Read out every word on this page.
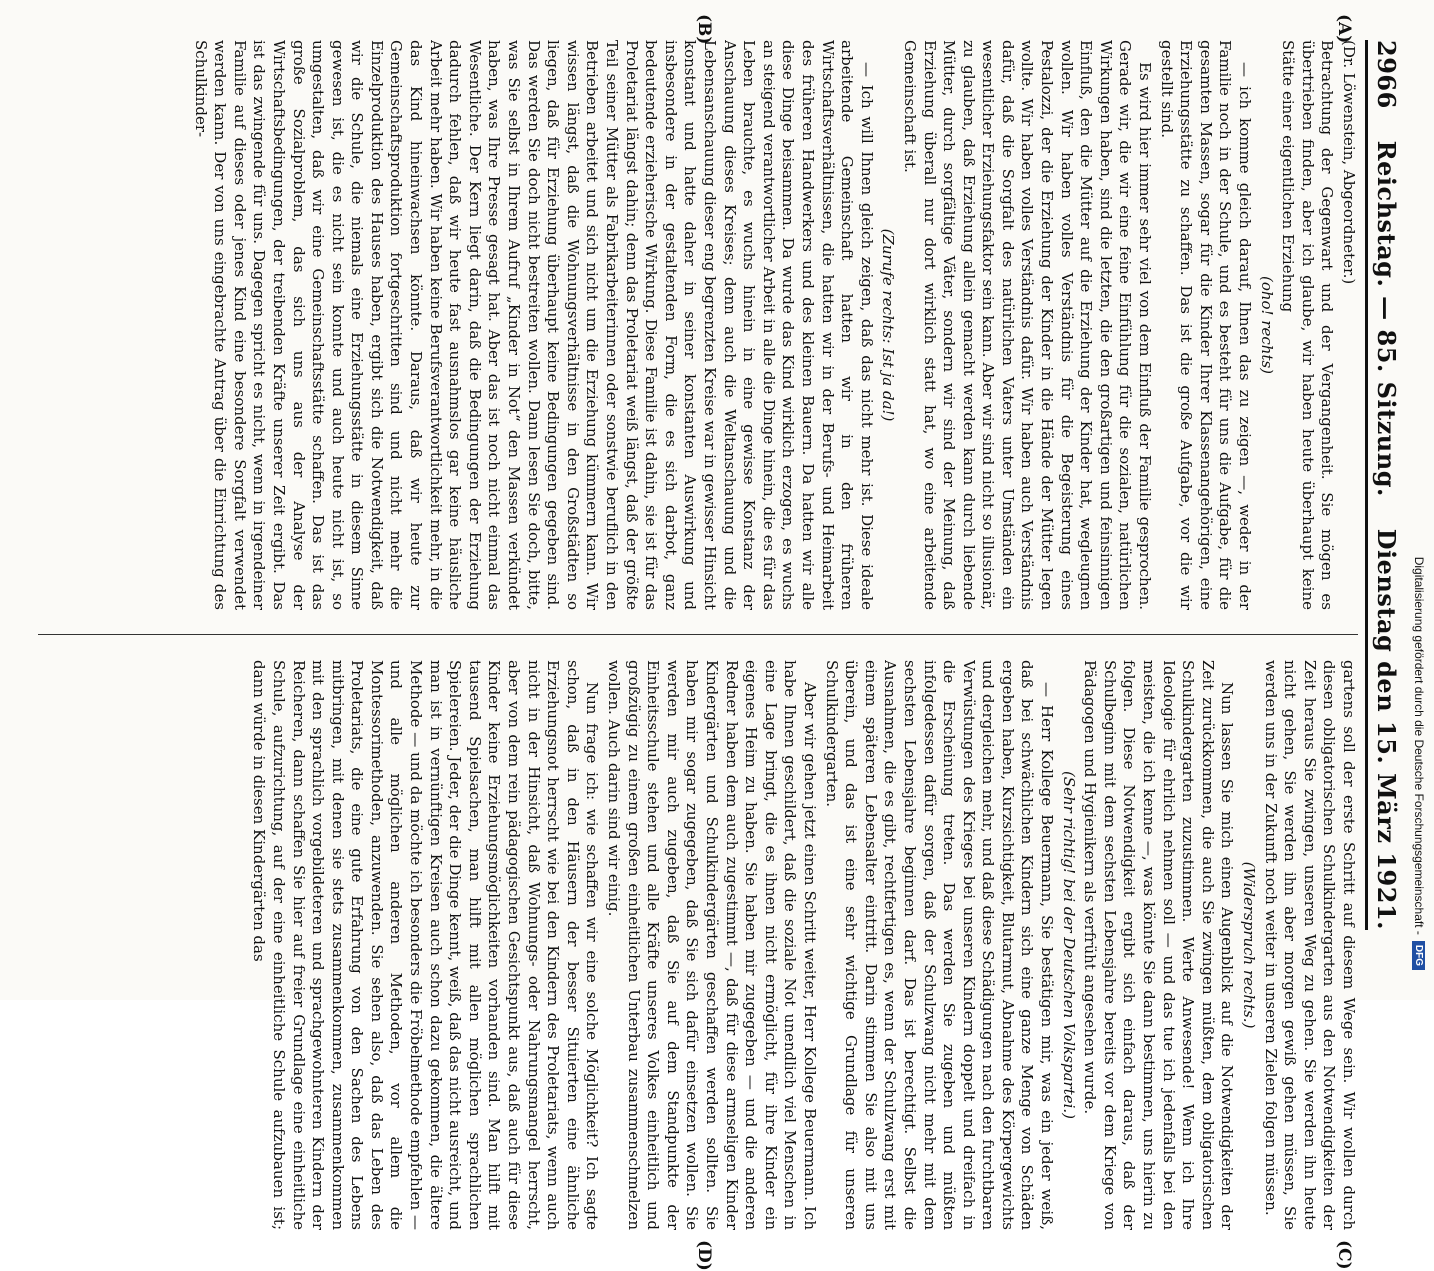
Digitalisierung gefördert durch die Deutsche Forschungsgemeinschaft -
DFG
2966
Reichstag. — 85. Sitzung.
Dienstag den 15. März 1921.
(A)
(B)
(C)
(D)

(Dr. Löwenstein, Abgeordneter.)

Betrachtung der Gegenwart und der Vergangenheit. Sie mögen es übertrieben finden, aber ich glaube, wir haben heute überhaupt keine Stätte einer eigentlichen Erziehung

(oho! rechts)

— ich komme gleich darauf, Ihnen das zu zeigen —, weder in der Familie noch in der Schule, und es besteht für uns die Aufgabe, für die gesamten Massen, sogar für die Kinder Ihrer Klassenangehörigen, eine Erziehungsstätte zu schaffen. Das ist die große Aufgabe, vor die wir gestellt sind.

Es wird hier immer sehr viel von dem Einfluß der Familie gesprochen. Gerade wir, die wir eine feine Einfühlung für die sozialen, natürlichen Wirkungen haben, sind die letzten, die den großartigen und feinsinnigen Einfluß, den die Mütter auf die Erziehung der Kinder hat, wegleugnen wollen. Wir haben volles Verständnis für die Begeisterung eines Pestalozzi, der die Erziehung der Kinder in die Hände der Mütter legen wollte. Wir haben volles Verständnis dafür. Wir haben auch Verständnis dafür, daß die Sorgfalt des natürlichen Vaters unter Umständen ein wesentlicher Erziehungsfaktor sein kann. Aber wir sind nicht so illusionär, zu glauben, daß Erziehung allein gemacht werden kann durch liebende Mütter, durch sorgfältige Väter, sondern wir sind der Meinung, daß Erziehung überall nur dort wirklich statt hat, wo eine arbeitende Gemeinschaft ist.

(Zurufe rechts: Ist ja da!)

— Ich will Ihnen gleich zeigen, daß das nicht mehr ist. Diese ideale arbeitende Gemeinschaft hatten wir in den früheren Wirtschaftsverhältnissen, die hatten wir in der Berufs- und Heimarbeit des früheren Handwerkers und des kleinen Bauern. Da hatten wir alle diese Dinge beisammen. Da wurde das Kind wirklich erzogen, es wuchs an steigend verantwortlicher Arbeit in alle die Dinge hinein, die es für das Leben brauchte, es wuchs hinein in eine gewisse Konstanz der Anschauung dieses Kreises; denn auch die Weltanschauung und die Lebensanschauung dieser eng begrenzten Kreise war in gewisser Hinsicht konstant und hatte daher in seiner konstanten Auswirkung und insbesondere in der gestaltenden Form, die es sich darbot, ganz bedeutende erzieherische Wirkung. Diese Familie ist dahin, sie ist für das Proletariat längst dahin; denn das Proletariat weiß längst, daß der größte Teil seiner Mütter als Fabrikarbeiterinnen oder sonstwie beruflich in den Betrieben arbeitet und sich nicht um die Erziehung kümmern kann. Wir wissen längst, daß die Wohnungsverhältnisse in den Großstädten so liegen, daß für Erziehung überhaupt keine Bedingungen gegeben sind. Das werden Sie doch nicht bestreiten wollen. Dann lesen Sie doch, bitte, was Sie selbst in Ihrem Aufruf „Kinder in Not“ den Massen verkündet haben, was Ihre Presse gesagt hat. Aber das ist noch nicht einmal das Wesentliche. Der Kern liegt darin, daß die Bedingungen der Erziehung dadurch fehlen, daß wir heute fast ausnahmslos gar keine häusliche Arbeit mehr haben. Wir haben keine Berufsverantwortlichkeit mehr, in die das Kind hineinwachsen könnte. Daraus, daß wir heute zur Gemeinschaftsproduktion fortgeschritten sind und nicht mehr die Einzelproduktion des Hauses haben, ergibt sich die Notwendigkeit, daß wir die Schule, die niemals eine Erziehungsstätte in diesem Sinne gewesen ist, die es nicht sein konnte und auch heute nicht ist, so umgestalten, daß wir eine Gemeinschaftsstätte schaffen. Das ist das große Sozialproblem, das sich uns aus der Analyse der Wirtschaftsbedingungen, der treibenden Kräfte unserer Zeit ergibt. Das ist das zwingende für uns. Dagegen spricht es nicht, wenn in irgendeiner Familie auf dieses oder jenes Kind eine besondere Sorgfalt verwendet werden kann. Der von uns eingebrachte Antrag über die Einrichtung des Schulkinder-

gartens soll der erste Schritt auf diesem Wege sein. Wir wollen durch diesen obligatorischen Schulkindergarten aus den Notwendigkeiten der Zeit heraus Sie zwingen, unseren Weg zu gehen. Sie werden ihn heute nicht gehen, Sie werden ihn aber morgen gewiß gehen müssen, Sie werden uns in der Zukunft noch weiter in unseren Zielen folgen müssen.

(Widerspruch rechts.)

Nun lassen Sie mich einen Augenblick auf die Notwendigkeiten der Zeit zurückkommen, die auch Sie zwingen müßten, dem obligatorischen Schulkindergarten zuzustimmen. Werte Anwesende! Wenn ich Ihre Ideologie für ehrlich nehmen soll — und das tue ich jedenfalls bei den meisten, die ich kenne —, was könnte Sie dann bestimmen, uns hierin zu folgen. Diese Notwendigkeit ergibt sich einfach daraus, daß der Schulbeginn mit dem sechsten Lebensjahre bereits vor dem Kriege von Pädagogen und Hygienikern als verfrüht angesehen wurde.

(Sehr richtig! bei der Deutschen Volkspartei.)

— Herr Kollege Beuermann, Sie bestätigen mir, was ein jeder weiß, daß bei schwächlichen Kindern sich eine ganze Menge von Schäden ergeben haben, Kurzsichtigkeit, Blutarmut, Abnahme des Körpergewichts und dergleichen mehr, und daß diese Schädigungen nach den furchtbaren Verwüstungen des Krieges bei unseren Kindern doppelt und dreifach in die Erscheinung treten. Das werden Sie zugeben und müßten infolgedessen dafür sorgen, daß der Schulzwang nicht mehr mit dem sechsten Lebensjahre beginnen darf. Das ist berechtigt. Selbst die Ausnahmen, die es gibt, rechtfertigen es, wenn der Schulzwang erst mit einem späteren Lebensalter eintritt. Darin stimmen Sie also mit uns überein, und das ist eine sehr wichtige Grundlage für unseren Schulkindergarten.

Aber wir gehen jetzt einen Schritt weiter, Herr Kollege Beuermann. Ich habe Ihnen geschildert, daß die soziale Not unendlich viel Menschen in eine Lage bringt, die es ihnen nicht ermöglicht, für ihre Kinder ein eigenes Heim zu haben. Sie haben mir zugegeben — und die anderen Redner haben dem auch zugestimmt —, daß für diese armseligen Kinder Kindergärten und Schulkindergärten geschaffen werden sollten. Sie haben mir sogar zugegeben, daß Sie sich dafür einsetzen wollen. Sie werden mir auch zugeben, daß Sie auf dem Standpunkte der Einheitsschule stehen und alle Kräfte unseres Volkes einheitlich und großzügig zu einem großen einheitlichen Unterbau zusammenschmelzen wollen. Auch darin sind wir einig.

Nun frage ich: wie schaffen wir eine solche Möglichkeit? Ich sagte schon, daß in den Häusern der besser Situierten eine ähnliche Erziehungsnot herrscht wie bei den Kindern des Proletariats, wenn auch nicht in der Hinsicht, daß Wohnungs- oder Nahrungsmangel herrscht, aber von dem rein pädagogischen Gesichtspunkt aus, daß auch für diese Kinder keine Erziehungsmöglichkeiten vorhanden sind. Man hilft mit tausend Spielsachen, man hilft mit allen möglichen sprachlichen Spielereien. Jeder, der die Dinge kennt, weiß, daß das nicht ausreicht, und man ist in vernünftigen Kreisen auch schon dazu gekommen, die ältere Methode — und da möchte ich besonders die Fröbelmethode empfehlen — und alle möglichen anderen Methoden, vor allem die Montessorimethoden, anzuwenden. Sie sehen also, daß das Leben des Proletariats, die eine gute Erfahrung von den Sachen des Lebens mitbringen, mit denen sie stets zusammenkommen, zusammenkommen mit den sprachlich vorgebildeteren und sprachgewohnteren Kindern der Reicheren, dann schaffen Sie hier auf freier Grundlage eine einheitliche Schule, aufzurichtung, auf der eine einheitliche Schule aufzubauen ist; dann würde in diesen Kindergärten das
